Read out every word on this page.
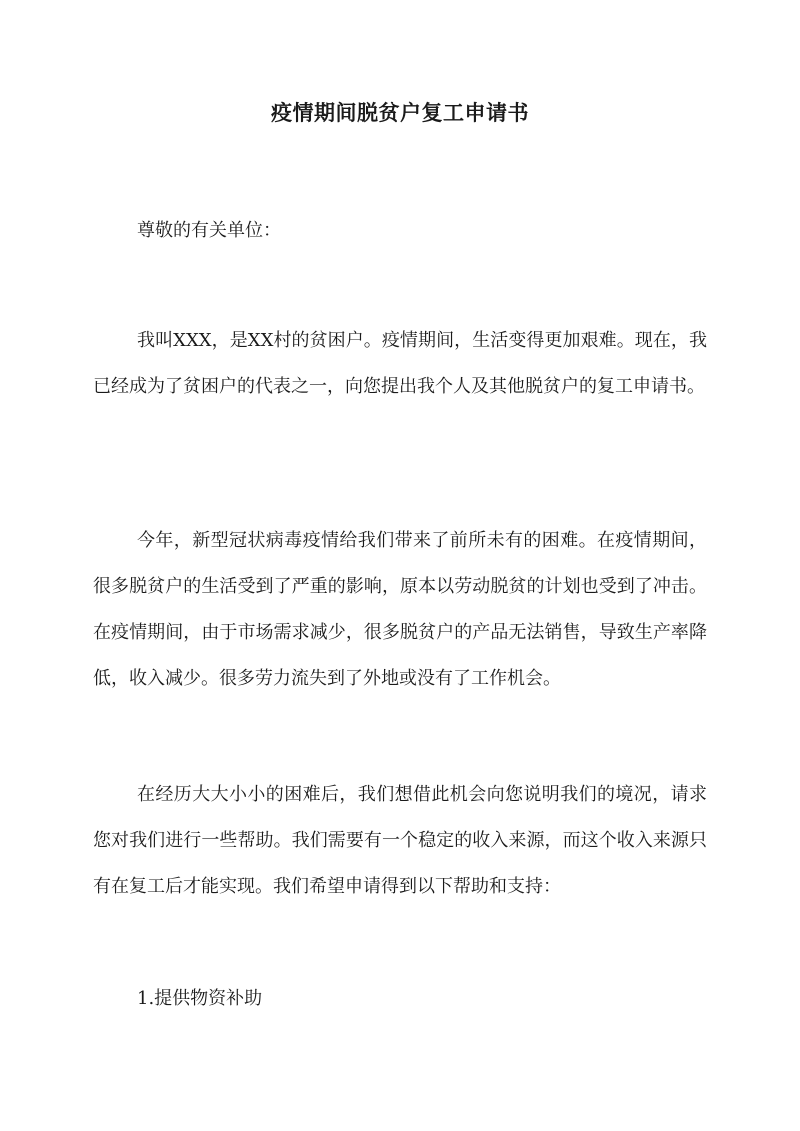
疫情期间脱贫户复工申请书

尊敬的有关单位：

我叫XXX，是XX村的贫困户。疫情期间，生活变得更加艰难。现在，我已经成为了贫困户的代表之一，向您提出我个人及其他脱贫户的复工申请书。

今年，新型冠状病毒疫情给我们带来了前所未有的困难。在疫情期间，很多脱贫户的生活受到了严重的影响，原本以劳动脱贫的计划也受到了冲击。在疫情期间，由于市场需求减少，很多脱贫户的产品无法销售，导致生产率降低，收入减少。很多劳力流失到了外地或没有了工作机会。

在经历大大小小的困难后，我们想借此机会向您说明我们的境况，请求您对我们进行一些帮助。我们需要有一个稳定的收入来源，而这个收入来源只有在复工后才能实现。我们希望申请得到以下帮助和支持：

1.提供物资补助
